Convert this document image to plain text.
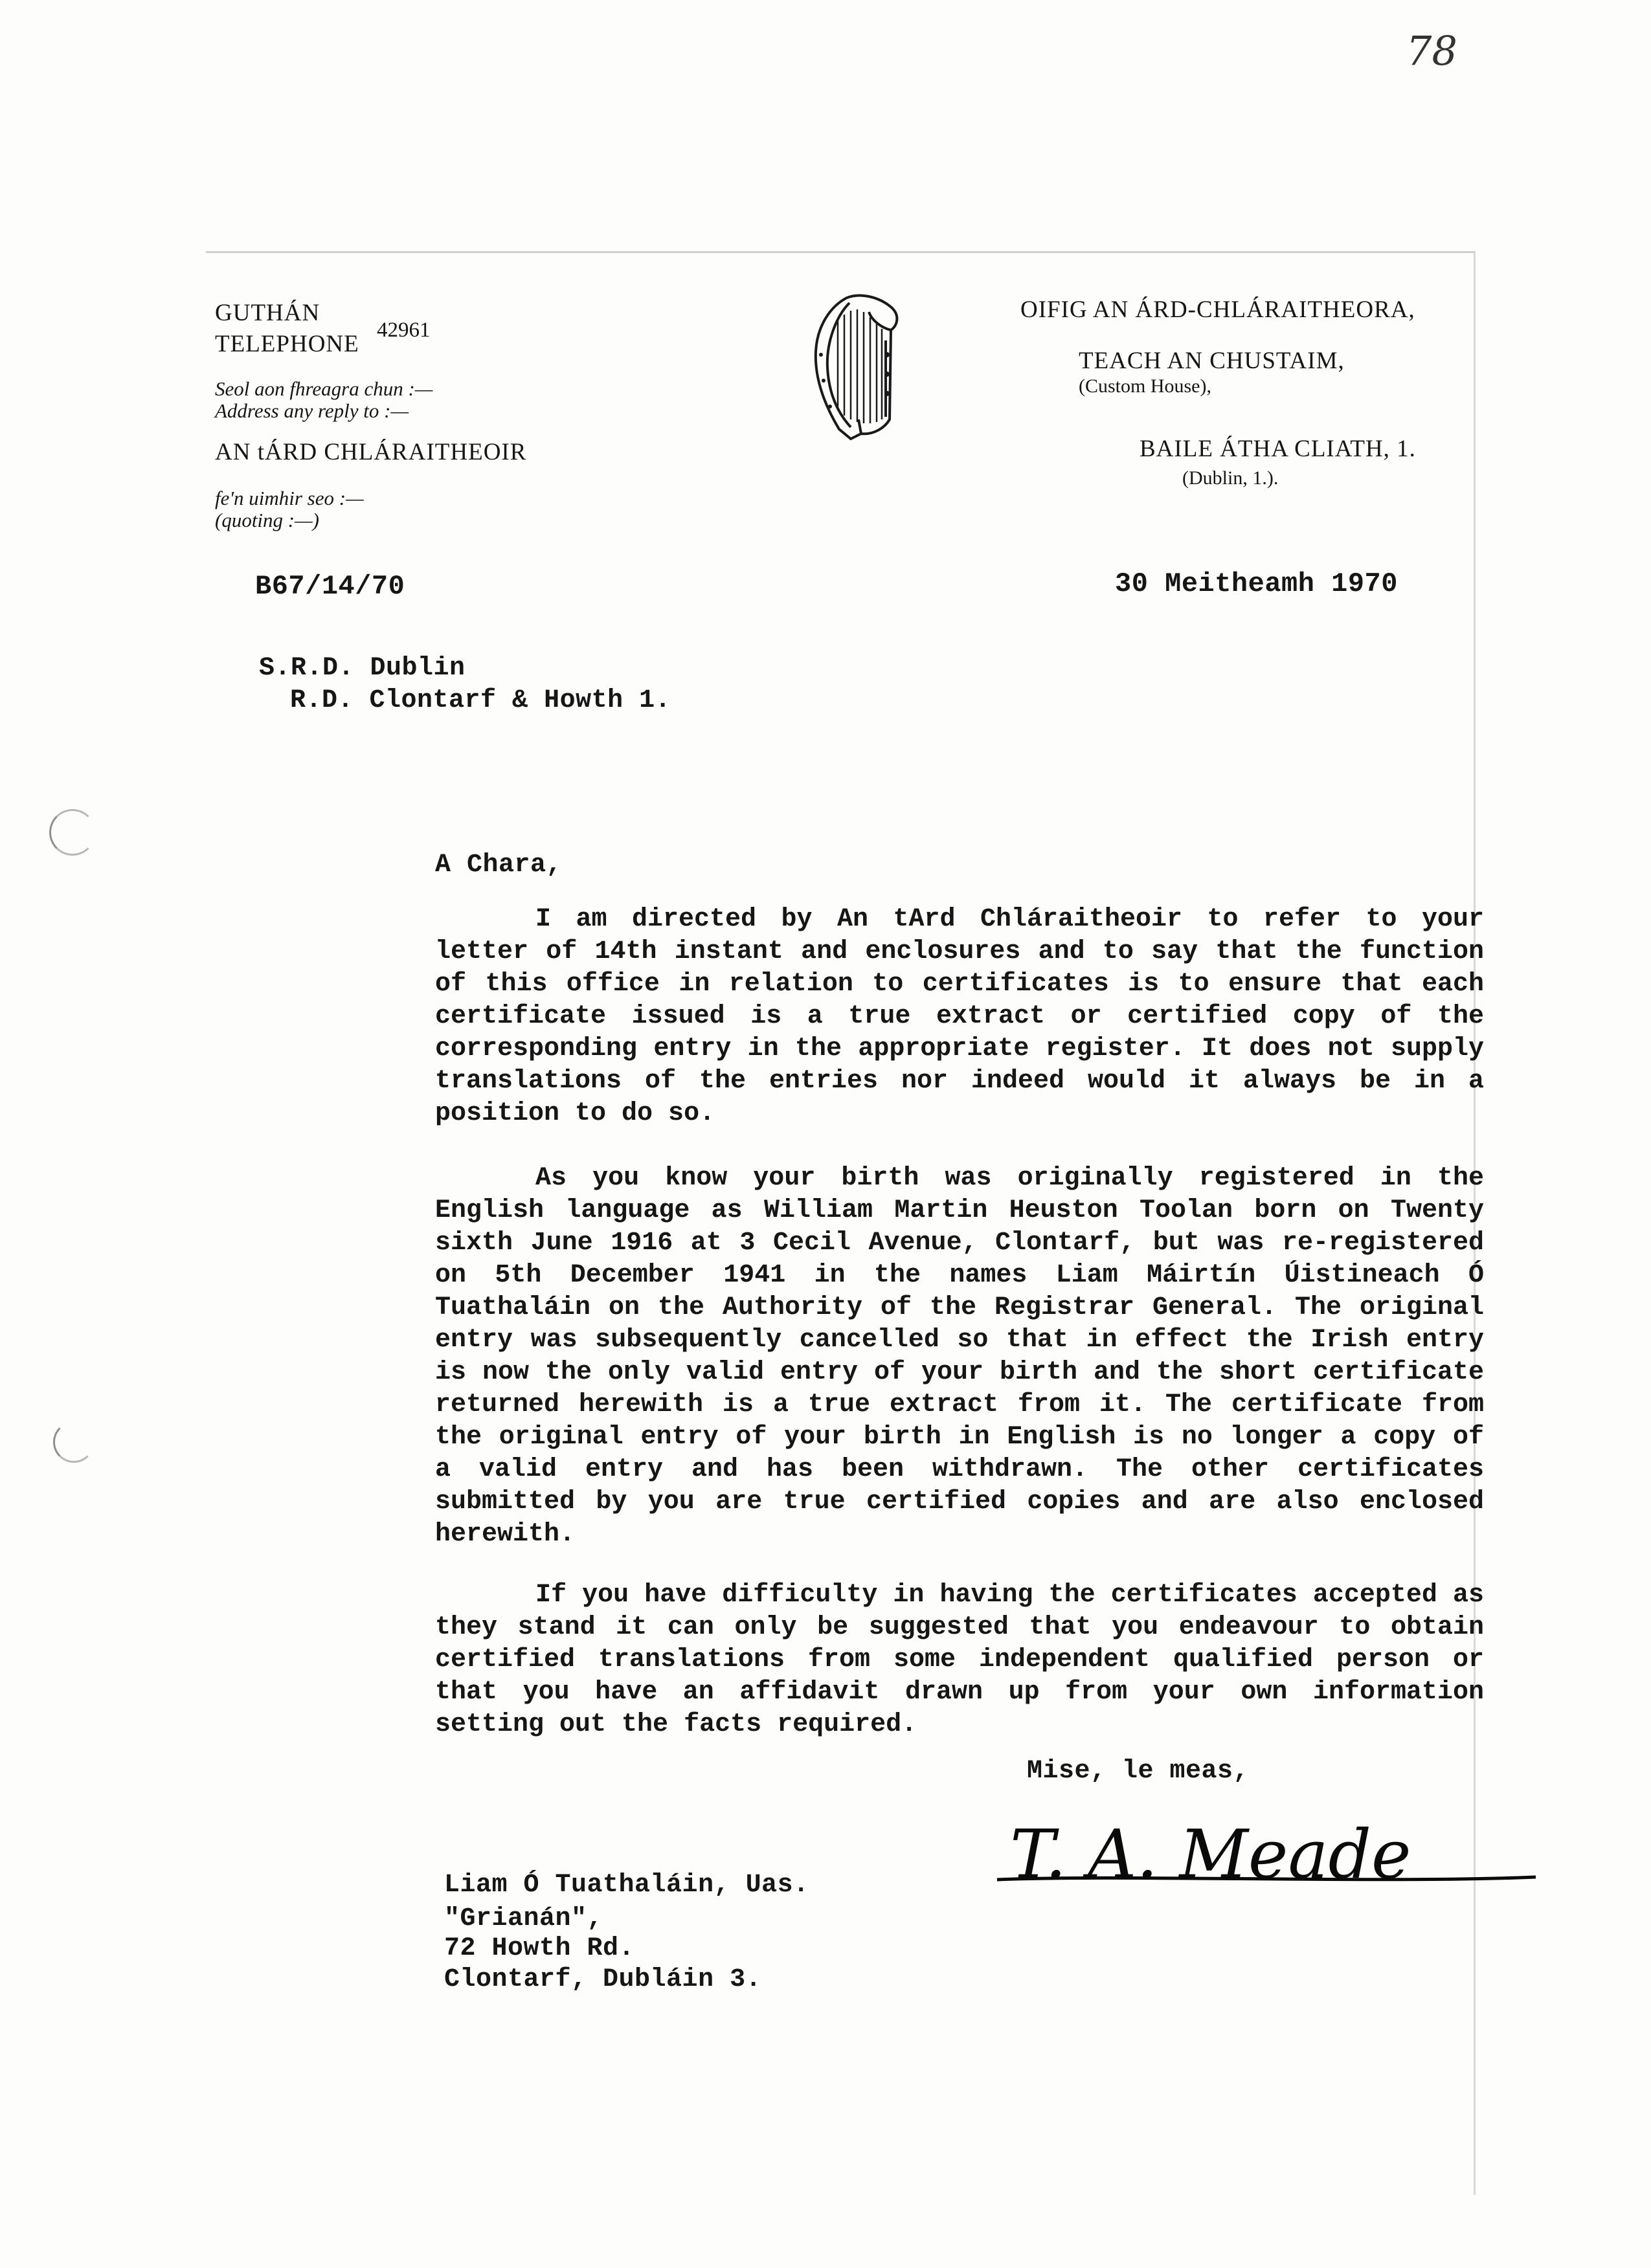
78
GUTHÁN
TELEPHONE
42961
Seol aon fhreagra chun :—
Address any reply to :—
AN tÁRD CHLÁRAITHEOIR
fe'n uimhir seo :—
(quoting :—)
OIFIG AN ÁRD-CHLÁRAITHEORA,
TEACH AN CHUSTAIM,
(Custom House),
BAILE ÁTHA CLIATH, 1.
(Dublin, 1.).
B67/14/70	30 Meitheamh 1970
S.R.D. Dublin
R.D. Clontarf & Howth 1.
A Chara,

I am directed by An tArd Chláraitheoir to refer to your letter of 14th instant and enclosures and to say that the function of this office in relation to certificates is to ensure that each certificate issued is a true extract or certified copy of the corresponding entry in the appropriate register. It does not supply translations of the entries nor indeed would it always be in a position to do so.

As you know your birth was originally registered in the English language as William Martin Heuston Toolan born on Twenty sixth June 1916 at 3 Cecil Avenue, Clontarf, but was re-registered on 5th December 1941 in the names Liam Máirtín Úistineach Ó Tuathaláin on the Authority of the Registrar General. The original entry was subsequently cancelled so that in effect the Irish entry is now the only valid entry of your birth and the short certificate returned herewith is a true extract from it. The certificate from the original entry of your birth in English is no longer a copy of a valid entry and has been withdrawn. The other certificates submitted by you are true certified copies and are also enclosed herewith.

If you have difficulty in having the certificates accepted as they stand it can only be suggested that you endeavour to obtain certified translations from some independent qualified person or that you have an affidavit drawn up from your own information setting out the facts required.

Mise, le meas,
T. A. Meade
Liam Ó Tuathaláin, Uas.
"Grianán",
72 Howth Rd.
Clontarf, Dubláin 3.
